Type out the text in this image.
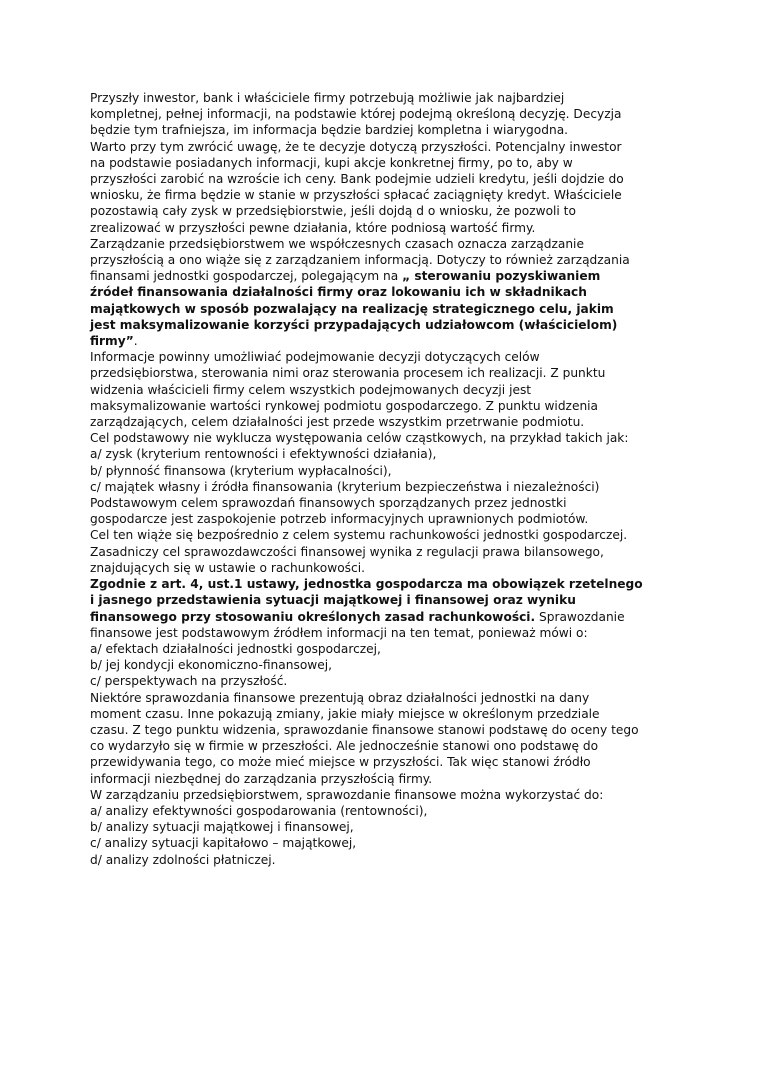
Przyszły inwestor, bank i właściciele firmy potrzebują możliwie jak najbardziej
kompletnej, pełnej informacji, na podstawie której podejmą określoną decyzję. Decyzja
będzie tym trafniejsza, im informacja będzie bardziej kompletna i wiarygodna.
Warto przy tym zwrócić uwagę, że te decyzje dotyczą przyszłości. Potencjalny inwestor
na podstawie posiadanych informacji, kupi akcje konkretnej firmy, po to, aby w
przyszłości zarobić na wzroście ich ceny. Bank podejmie udzieli kredytu, jeśli dojdzie do
wniosku, że firma będzie w stanie w przyszłości spłacać zaciągnięty kredyt. Właściciele
pozostawią cały zysk w przedsiębiorstwie, jeśli dojdą d o wniosku, że pozwoli to
zrealizować w przyszłości pewne działania, które podniosą wartość firmy.
Zarządzanie przedsiębiorstwem we współczesnych czasach oznacza zarządzanie
przyszłością a ono wiąże się z zarządzaniem informacją. Dotyczy to również zarządzania
finansami jednostki gospodarczej, polegającym na „ sterowaniu pozyskiwaniem
źródeł finansowania działalności firmy oraz lokowaniu ich w składnikach
majątkowych w sposób pozwalający na realizację strategicznego celu, jakim
jest maksymalizowanie korzyści przypadających udziałowcom (właścicielom)
firmy”.
Informacje powinny umożliwiać podejmowanie decyzji dotyczących celów
przedsiębiorstwa, sterowania nimi oraz sterowania procesem ich realizacji. Z punktu
widzenia właścicieli firmy celem wszystkich podejmowanych decyzji jest
maksymalizowanie wartości rynkowej podmiotu gospodarczego. Z punktu widzenia
zarządzających, celem działalności jest przede wszystkim przetrwanie podmiotu.
Cel podstawowy nie wyklucza występowania celów cząstkowych, na przykład takich jak:
a/ zysk (kryterium rentowności i efektywności działania),
b/ płynność finansowa (kryterium wypłacalności),
c/ majątek własny i źródła finansowania (kryterium bezpieczeństwa i niezależności)
Podstawowym celem sprawozdań finansowych sporządzanych przez jednostki
gospodarcze jest zaspokojenie potrzeb informacyjnych uprawnionych podmiotów.
Cel ten wiąże się bezpośrednio z celem systemu rachunkowości jednostki gospodarczej.
Zasadniczy cel sprawozdawczości finansowej wynika z regulacji prawa bilansowego,
znajdujących się w ustawie o rachunkowości.
Zgodnie z art. 4, ust.1 ustawy, jednostka gospodarcza ma obowiązek rzetelnego
i jasnego przedstawienia sytuacji majątkowej i finansowej oraz wyniku
finansowego przy stosowaniu określonych zasad rachunkowości. Sprawozdanie
finansowe jest podstawowym źródłem informacji na ten temat, ponieważ mówi o:
a/ efektach działalności jednostki gospodarczej,
b/ jej kondycji ekonomiczno-finansowej,
c/ perspektywach na przyszłość.
Niektóre sprawozdania finansowe prezentują obraz działalności jednostki na dany
moment czasu. Inne pokazują zmiany, jakie miały miejsce w określonym przedziale
czasu. Z tego punktu widzenia, sprawozdanie finansowe stanowi podstawę do oceny tego
co wydarzyło się w firmie w przeszłości. Ale jednocześnie stanowi ono podstawę do
przewidywania tego, co może mieć miejsce w przyszłości. Tak więc stanowi źródło
informacji niezbędnej do zarządzania przyszłością firmy.
W zarządzaniu przedsiębiorstwem, sprawozdanie finansowe można wykorzystać do:
a/ analizy efektywności gospodarowania (rentowności),
b/ analizy sytuacji majątkowej i finansowej,
c/ analizy sytuacji kapitałowo – majątkowej,
d/ analizy zdolności płatniczej.
